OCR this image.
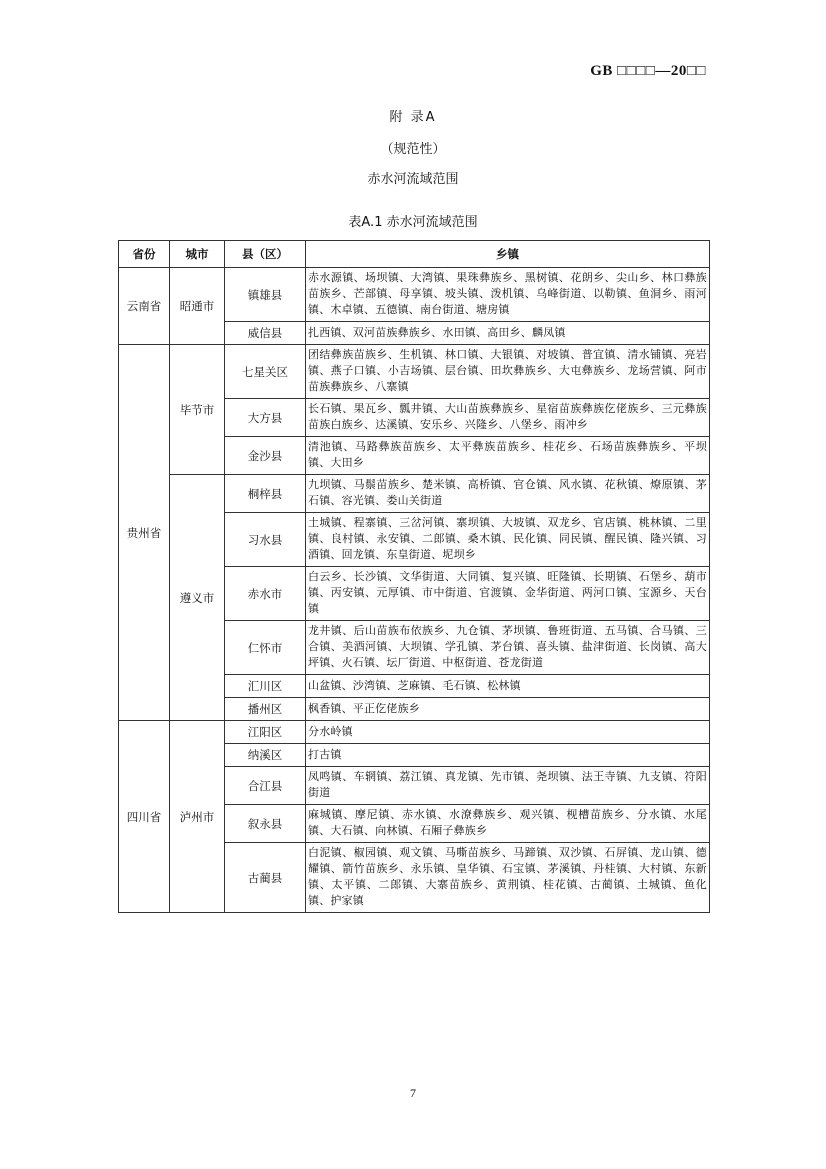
GB □□□□—20□□
附 录A
（规范性）
赤水河流域范围
表A.1 赤水河流域范围
省份	城市	县（区）	乡镇
云南省	昭通市	镇雄县	赤水源镇、场坝镇、大湾镇、果珠彝族乡、黑树镇、花朗乡、尖山乡、林口彝族苗族乡、芒部镇、母享镇、坡头镇、泼机镇、乌峰街道、以勒镇、鱼洞乡、雨河镇、木卓镇、五德镇、南台街道、塘房镇
		威信县	扎西镇、双河苗族彝族乡、水田镇、高田乡、麟凤镇
贵州省	毕节市	七星关区	团结彝族苗族乡、生机镇、林口镇、大银镇、对坡镇、普宜镇、清水铺镇、亮岩镇、燕子口镇、小吉场镇、层台镇、田坎彝族乡、大屯彝族乡、龙场营镇、阿市苗族彝族乡、八寨镇
		大方县	长石镇、果瓦乡、瓢井镇、大山苗族彝族乡、星宿苗族彝族仡佬族乡、三元彝族苗族白族乡、达溪镇、安乐乡、兴隆乡、八堡乡、雨冲乡
		金沙县	清池镇、马路彝族苗族乡、太平彝族苗族乡、桂花乡、石场苗族彝族乡、平坝镇、大田乡
	遵义市	桐梓县	九坝镇、马鬃苗族乡、楚米镇、高桥镇、官仓镇、风水镇、花秋镇、燎原镇、茅石镇、容光镇、娄山关街道
		习水县	土城镇、程寨镇、三岔河镇、寨坝镇、大坡镇、双龙乡、官店镇、桃林镇、二里镇、良村镇、永安镇、二郎镇、桑木镇、民化镇、同民镇、醒民镇、隆兴镇、习酒镇、回龙镇、东皇街道、坭坝乡
		赤水市	白云乡、长沙镇、文华街道、大同镇、复兴镇、旺隆镇、长期镇、石堡乡、葫市镇、丙安镇、元厚镇、市中街道、官渡镇、金华街道、两河口镇、宝源乡、天台镇
		仁怀市	龙井镇、后山苗族布依族乡、九仓镇、茅坝镇、鲁班街道、五马镇、合马镇、三合镇、美酒河镇、大坝镇、学孔镇、茅台镇、喜头镇、盐津街道、长岗镇、高大坪镇、火石镇、坛厂街道、中枢街道、苍龙街道
		汇川区	山盆镇、沙湾镇、芝麻镇、毛石镇、松林镇
		播州区	枫香镇、平正仡佬族乡
四川省	泸州市	江阳区	分水岭镇
		纳溪区	打古镇
		合江县	凤鸣镇、车辋镇、荔江镇、真龙镇、先市镇、尧坝镇、法王寺镇、九支镇、符阳街道
		叙永县	麻城镇、摩尼镇、赤水镇、水潦彝族乡、观兴镇、枧槽苗族乡、分水镇、水尾镇、大石镇、向林镇、石厢子彝族乡
		古蔺县	白泥镇、椒园镇、观文镇、马嘶苗族乡、马蹄镇、双沙镇、石屏镇、龙山镇、德耀镇、箭竹苗族乡、永乐镇、皇华镇、石宝镇、茅溪镇、丹桂镇、大村镇、东新镇、太平镇、二郎镇、大寨苗族乡、黄荆镇、桂花镇、古蔺镇、土城镇、鱼化镇、护家镇
7
